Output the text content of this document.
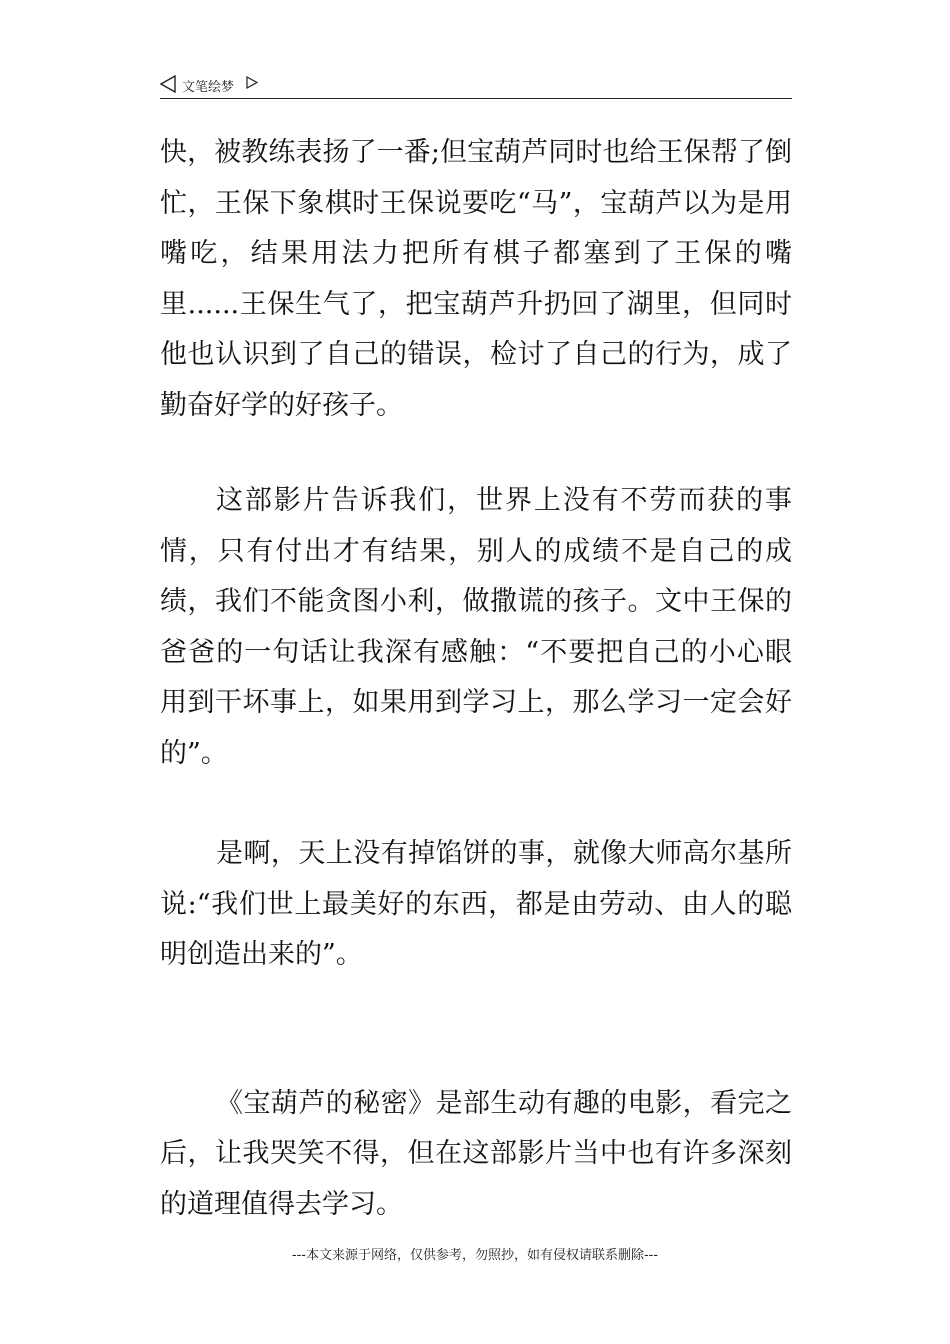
文笔绘梦

快，被教练表扬了一番;但宝葫芦同时也给王保帮了倒忙，王保下象棋时王保说要吃“马”，宝葫芦以为是用嘴吃，结果用法力把所有棋子都塞到了王保的嘴里......王保生气了，把宝葫芦升扔回了湖里，但同时他也认识到了自己的错误，检讨了自己的行为，成了勤奋好学的好孩子。

这部影片告诉我们，世界上没有不劳而获的事情，只有付出才有结果，别人的成绩不是自己的成绩，我们不能贪图小利，做撒谎的孩子。文中王保的爸爸的一句话让我深有感触：“不要把自己的小心眼用到干坏事上，如果用到学习上，那么学习一定会好的”。

是啊，天上没有掉馅饼的事，就像大师高尔基所说:“我们世上最美好的东西，都是由劳动、由人的聪明创造出来的”。

《宝葫芦的秘密》是部生动有趣的电影，看完之后，让我哭笑不得，但在这部影片当中也有许多深刻的道理值得去学习。

---本文来源于网络，仅供参考，勿照抄，如有侵权请联系删除---
